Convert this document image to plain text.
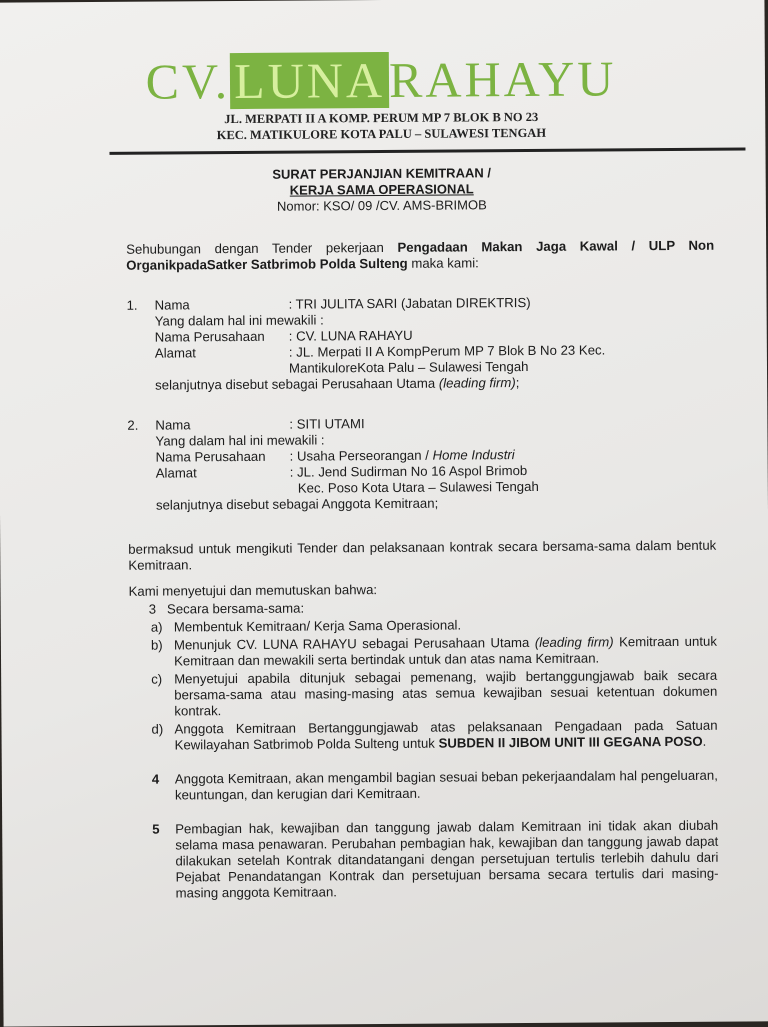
CV.LUNARAHAYU
JL. MERPATI II A KOMP. PERUM MP 7 BLOK B NO 23
KEC. MATIKULORE KOTA PALU – SULAWESI TENGAH
SURAT PERJANJIAN KEMITRAAN /
KERJA SAMA OPERASIONAL
Nomor: KSO/ 09 /CV. AMS-BRIMOB
Sehubungan dengan Tender pekerjaan Pengadaan Makan Jaga Kawal / ULP Non OrganikpadaSatker Satbrimob Polda Sulteng maka kami:
1. Nama	: TRI JULITA SARI (Jabatan DIREKTRIS)
Yang dalam hal ini mewakili :
Nama Perusahaan	: CV. LUNA RAHAYU
Alamat	: JL. Merpati II A KompPerum MP 7 Blok B No 23 Kec.
MantikuloreKota Palu – Sulawesi Tengah
selanjutnya disebut sebagai Perusahaan Utama (leading firm);
2. Nama	: SITI UTAMI
Yang dalam hal ini mewakili :
Nama Perusahaan	: Usaha Perseorangan / Home Industri
Alamat	: JL. Jend Sudirman No 16 Aspol Brimob
Kec. Poso Kota Utara – Sulawesi Tengah
selanjutnya disebut sebagai Anggota Kemitraan;
bermaksud untuk mengikuti Tender dan pelaksanaan kontrak secara bersama-sama dalam bentuk Kemitraan.
Kami menyetujui dan memutuskan bahwa:
3 Secara bersama-sama:
a) Membentuk Kemitraan/ Kerja Sama Operasional.
b) Menunjuk CV. LUNA RAHAYU sebagai Perusahaan Utama (leading firm) Kemitraan untuk Kemitraan dan mewakili serta bertindak untuk dan atas nama Kemitraan.
c) Menyetujui apabila ditunjuk sebagai pemenang, wajib bertanggungjawab baik secara bersama-sama atau masing-masing atas semua kewajiban sesuai ketentuan dokumen kontrak.
d) Anggota Kemitraan Bertanggungjawab atas pelaksanaan Pengadaan pada Satuan Kewilayahan Satbrimob Polda Sulteng untuk SUBDEN II JIBOM UNIT III GEGANA POSO.
4 Anggota Kemitraan, akan mengambil bagian sesuai beban pekerjaandalam hal pengeluaran, keuntungan, dan kerugian dari Kemitraan.
5 Pembagian hak, kewajiban dan tanggung jawab dalam Kemitraan ini tidak akan diubah selama masa penawaran. Perubahan pembagian hak, kewajiban dan tanggung jawab dapat dilakukan setelah Kontrak ditandatangani dengan persetujuan tertulis terlebih dahulu dari Pejabat Penandatangan Kontrak dan persetujuan bersama secara tertulis dari masing-masing anggota Kemitraan.
